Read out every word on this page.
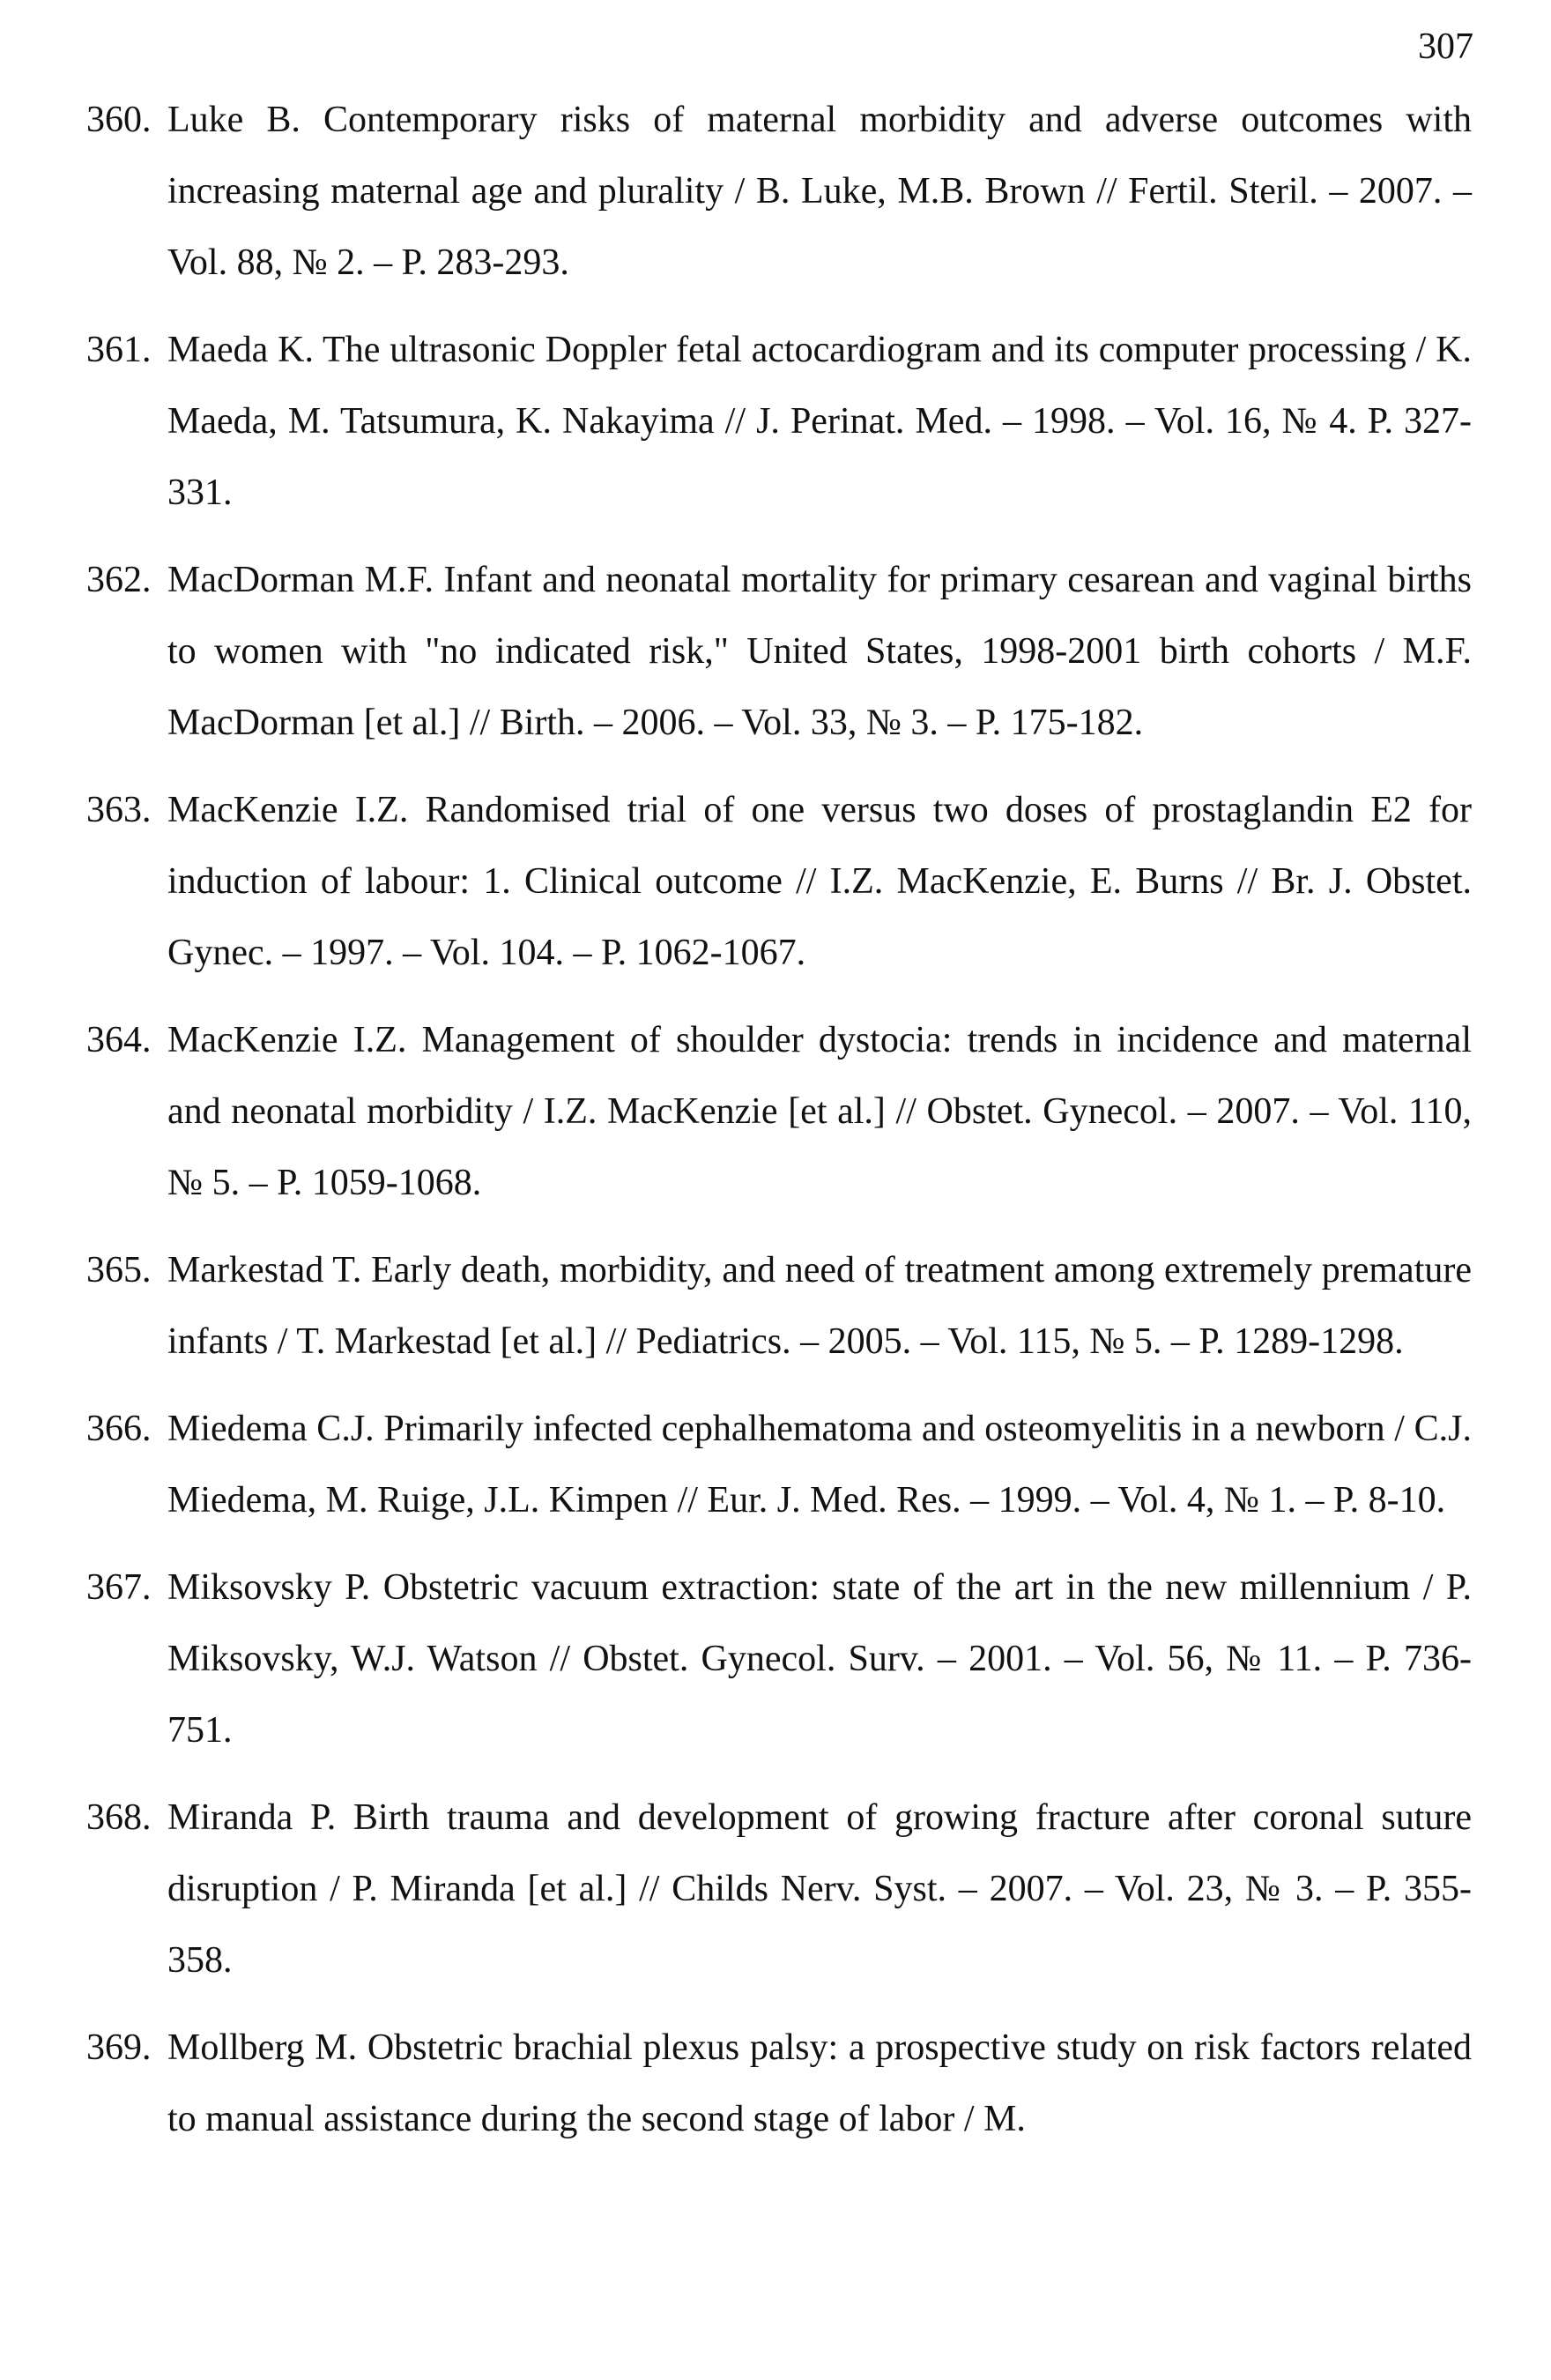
307
360. Luke B. Contemporary risks of maternal morbidity and adverse outcomes with increasing maternal age and plurality / B. Luke, M.B. Brown // Fertil. Steril. – 2007. – Vol. 88, № 2. – P. 283-293.
361. Maeda K. The ultrasonic Doppler fetal actocardiogram and its computer processing / K. Maeda, M. Tatsumura, K. Nakayima // J. Perinat. Med. – 1998. – Vol. 16, № 4. P. 327-331.
362. MacDorman M.F. Infant and neonatal mortality for primary cesarean and vaginal births to women with "no indicated risk," United States, 1998-2001 birth cohorts / M.F. MacDorman [et al.] // Birth. – 2006. – Vol. 33, № 3. – P. 175-182.
363. MacKenzie I.Z. Randomised trial of one versus two doses of prostaglandin E2 for induction of labour: 1. Clinical outcome // I.Z. MacKenzie, E. Burns // Br. J. Obstet. Gynec. – 1997. – Vol. 104. – P. 1062-1067.
364. MacKenzie I.Z. Management of shoulder dystocia: trends in incidence and maternal and neonatal morbidity / I.Z. MacKenzie [et al.] // Obstet. Gynecol. – 2007. – Vol. 110, № 5. – P. 1059-1068.
365. Markestad T. Early death, morbidity, and need of treatment among extremely premature infants / T. Markestad [et al.] // Pediatrics. – 2005. – Vol. 115, № 5. – P. 1289-1298.
366. Miedema C.J. Primarily infected cephalhematoma and osteomyelitis in a newborn / C.J. Miedema, M. Ruige, J.L. Kimpen // Eur. J. Med. Res. – 1999. – Vol. 4, № 1. – P. 8-10.
367. Miksovsky P. Obstetric vacuum extraction: state of the art in the new millennium / P. Miksovsky, W.J. Watson // Obstet. Gynecol. Surv. – 2001. – Vol. 56, № 11. – P. 736-751.
368. Miranda P. Birth trauma and development of growing fracture after coronal suture disruption / P. Miranda [et al.] // Childs Nerv. Syst. – 2007. – Vol. 23, № 3. – P. 355-358.
369. Mollberg M. Obstetric brachial plexus palsy: a prospective study on risk factors related to manual assistance during the second stage of labor / M.
